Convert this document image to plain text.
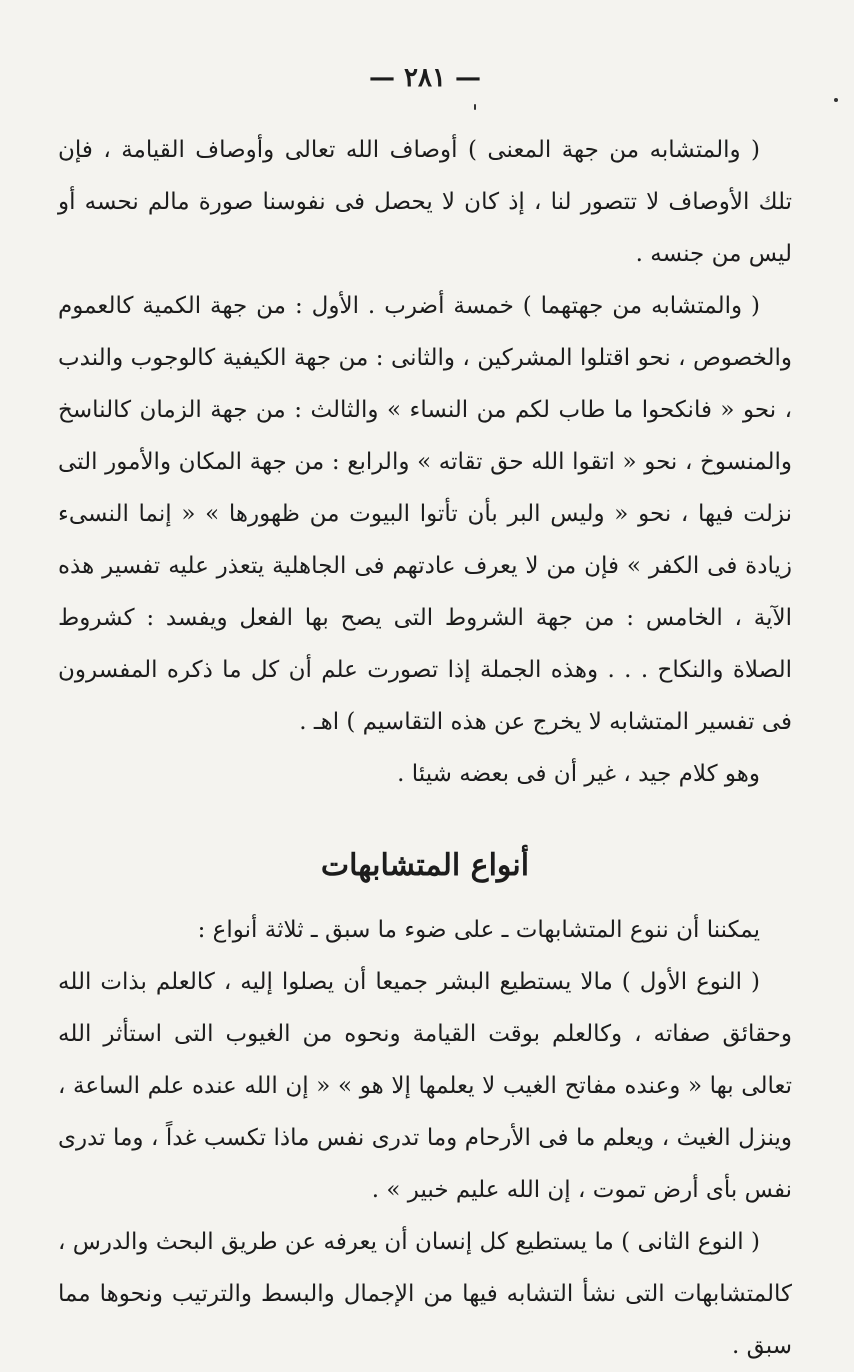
— ٢٨١ —

( والمتشابه من جهة المعنى ) أوصاف الله تعالى وأوصاف القيامة ، فإن تلك الأوصاف لا تتصور لنا ، إذ كان لا يحصل فى نفوسنا صورة مالم نحسه أو ليس من جنسه .

( والمتشابه من جهتهما ) خمسة أضرب . الأول : من جهة الكمية كالعموم والخصوص ، نحو اقتلوا المشركين ، والثانى : من جهة الكيفية كالوجوب والندب ، نحو « فانكحوا ما طاب لكم من النساء » والثالث : من جهة الزمان كالناسخ والمنسوخ ، نحو « اتقوا الله حق تقاته » والرابع : من جهة المكان والأمور التى نزلت فيها ، نحو « وليس البر بأن تأتوا البيوت من ظهورها » « إنما النسىء زيادة فى الكفر » فإن من لا يعرف عادتهم فى الجاهلية يتعذر عليه تفسير هذه الآية ، الخامس : من جهة الشروط التى يصح بها الفعل ويفسد : كشروط الصلاة والنكاح . . . وهذه الجملة إذا تصورت علم أن كل ما ذكره المفسرون فى تفسير المتشابه لا يخرج عن هذه التقاسيم ) اهـ .

وهو كلام جيد ، غير أن فى بعضه شيئا .

أنواع المتشابهات

يمكننا أن ننوع المتشابهات ـ على ضوء ما سبق ـ ثلاثة أنواع :

( النوع الأول ) مالا يستطيع البشر جميعا أن يصلوا إليه ، كالعلم بذات الله وحقائق صفاته ، وكالعلم بوقت القيامة ونحوه من الغيوب التى استأثر الله تعالى بها « وعنده مفاتح الغيب لا يعلمها إلا هو » « إن الله عنده علم الساعة ، وينزل الغيث ، ويعلم ما فى الأرحام وما تدرى نفس ماذا تكسب غداً ، وما تدرى نفس بأى أرض تموت ، إن الله عليم خبير » .

( النوع الثانى ) ما يستطيع كل إنسان أن يعرفه عن طريق البحث والدرس ، كالمتشابهات التى نشأ التشابه فيها من الإجمال والبسط والترتيب ونحوها مما سبق .
